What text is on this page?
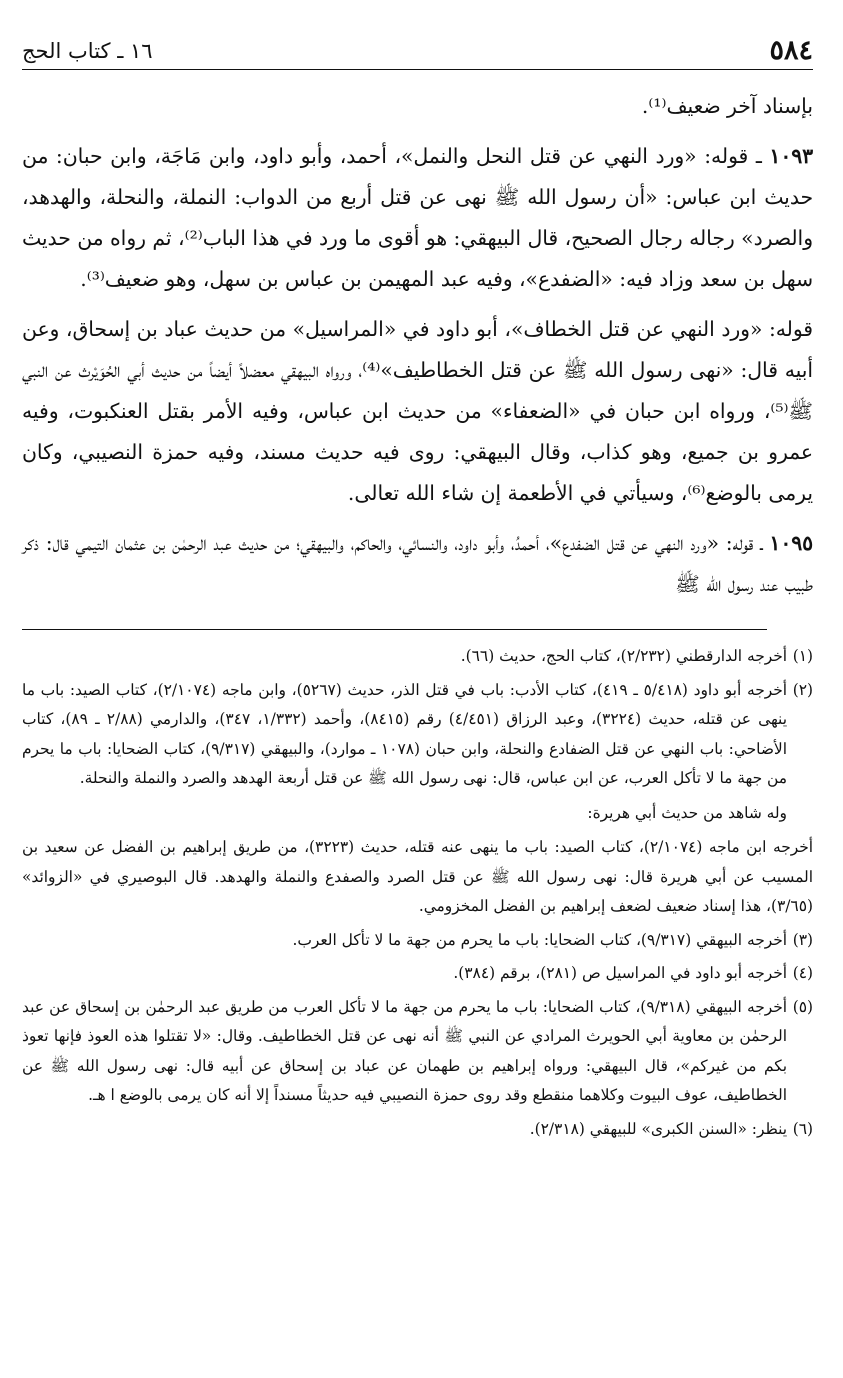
٥٨٤
١٦ ـ كتاب الحج

بإسناد آخر ضعيف⁽¹⁾.

١٠٩٣ ـ قوله: «ورد النهي عن قتل النحل والنمل»، أحمد، وأبو داود، وابن مَاجَة، وابن حبان: من حديث ابن عباس: «أن رسول الله ﷺ نهى عن قتل أربع من الدواب: النملة، والنحلة، والهدهد، والصرد» رجاله رجال الصحيح، قال البيهقي: هو أقوى ما ورد في هذا الباب⁽²⁾، ثم رواه من حديث سهل بن سعد وزاد فيه: «الضفدع»، وفيه عبد المهيمن بن عباس بن سهل، وهو ضعيف⁽³⁾.

قوله: «ورد النهي عن قتل الخطاف»، أبو داود في «المراسيل» من حديث عباد بن إسحاق، وعن أبيه قال: «نهى رسول الله ﷺ عن قتل الخطاطيف»⁽⁴⁾، ورواه البيهقي معضلاً أيضاً من حديث أبي الحُوَيْرث عن النبي ﷺ⁽⁵⁾، ورواه ابن حبان في «الضعفاء» من حديث ابن عباس، وفيه الأمر بقتل العنكبوت، وفيه عمرو بن جميع، وهو كذاب، وقال البيهقي: روى فيه حديث مسند، وفيه حمزة النصيبي، وكان يرمى بالوضع⁽⁶⁾، وسيأتي في الأطعمة إن شاء الله تعالى.

١٠٩٥ ـ قوله: «ورد النهي عن قتل الضفدع»، أحمدُ، وأبو داود، والنسائي، والحاكم، والبيهقي؛ من حديث عبد الرحمٰن بن عثمان التيمي قال: ذكر طبيب عند رسول الله ﷺ

(١)
أخرجه الدارقطني (٢/٢٣٢)، كتاب الحج، حديث (٦٦).
(٢)
أخرجه أبو داود (٥/٤١٨ ـ ٤١٩)، كتاب الأدب: باب في قتل الذر، حديث (٥٢٦٧)، وابن ماجه (٢/١٠٧٤)، كتاب الصيد: باب ما ينهى عن قتله، حديث (٣٢٢٤)، وعبد الرزاق (٤/٤٥١) رقم (٨٤١٥)، وأحمد (١/٣٣٢، ٣٤٧)، والدارمي (٢/٨٨ ـ ٨٩)، كتاب الأضاحي: باب النهي عن قتل الضفادع والنحلة، وابن حبان (١٠٧٨ ـ موارد)، والبيهقي (٩/٣١٧)، كتاب الضحايا: باب ما يحرم من جهة ما لا تأكل العرب، عن ابن عباس، قال: نهى رسول الله ﷺ عن قتل أربعة الهدهد والصرد والنملة والنحلة.
وله شاهد من حديث أبي هريرة:
أخرجه ابن ماجه (٢/١٠٧٤)، كتاب الصيد: باب ما ينهى عنه قتله، حديث (٣٢٢٣)، من طريق إبراهيم بن الفضل عن سعيد بن المسيب عن أبي هريرة قال: نهى رسول الله ﷺ عن قتل الصرد والصفدع والنملة والهدهد. قال البوصيري في «الزوائد» (٣/٦٥)، هذا إسناد ضعيف لضعف إبراهيم بن الفضل المخزومي.
(٣)
أخرجه البيهقي (٩/٣١٧)، كتاب الضحايا: باب ما يحرم من جهة ما لا تأكل العرب.
(٤)
أخرجه أبو داود في المراسيل ص (٢٨١)، برقم (٣٨٤).
(٥)
أخرجه البيهقي (٩/٣١٨)، كتاب الضحايا: باب ما يحرم من جهة ما لا تأكل العرب من طريق عبد الرحمٰن بن إسحاق عن عبد الرحمٰن بن معاوية أبي الحويرث المرادي عن النبي ﷺ أنه نهى عن قتل الخطاطيف. وقال: «لا تقتلوا هذه العوذ فإنها تعوذ بكم من غيركم»، قال البيهقي: ورواه إبراهيم بن طهمان عن عباد بن إسحاق عن أبيه قال: نهى رسول الله ﷺ عن الخطاطيف، عوف البيوت وكلاهما منقطع وقد روى حمزة النصيبي فيه حديثاً مسنداً إلا أنه كان يرمى بالوضع ا هـ.
(٦)
ينظر: «السنن الكبرى» للبيهقي (٢/٣١٨).
